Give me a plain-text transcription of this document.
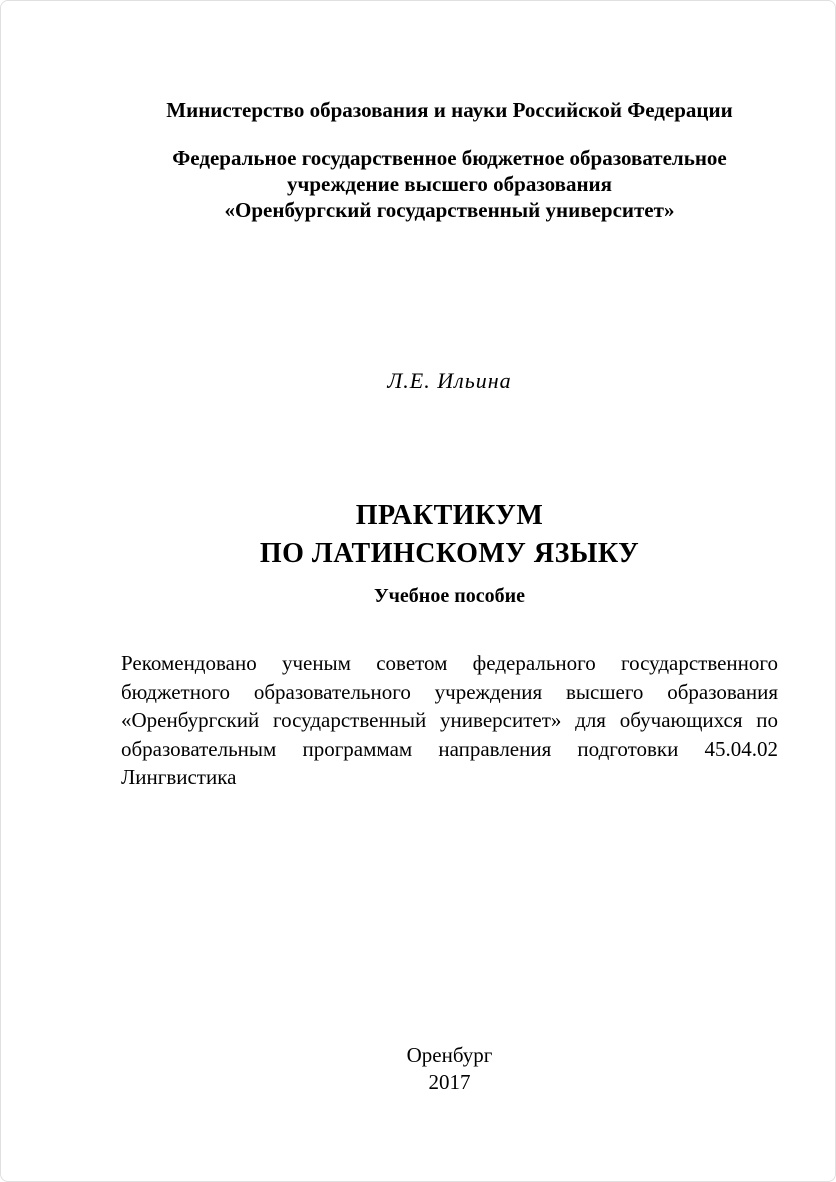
Министерство образования и науки Российской Федерации
Федеральное государственное бюджетное образовательное
учреждение высшего образования
«Оренбургский государственный университет»
Л.Е. Ильина
ПРАКТИКУМ
ПО ЛАТИНСКОМУ ЯЗЫКУ
Учебное пособие
Рекомендовано ученым советом федерального государственного бюджетного образовательного учреждения высшего образования «Оренбургский государственный университет» для обучающихся по образовательным программам направления подготовки 45.04.02 Лингвистика
Оренбург
2017
